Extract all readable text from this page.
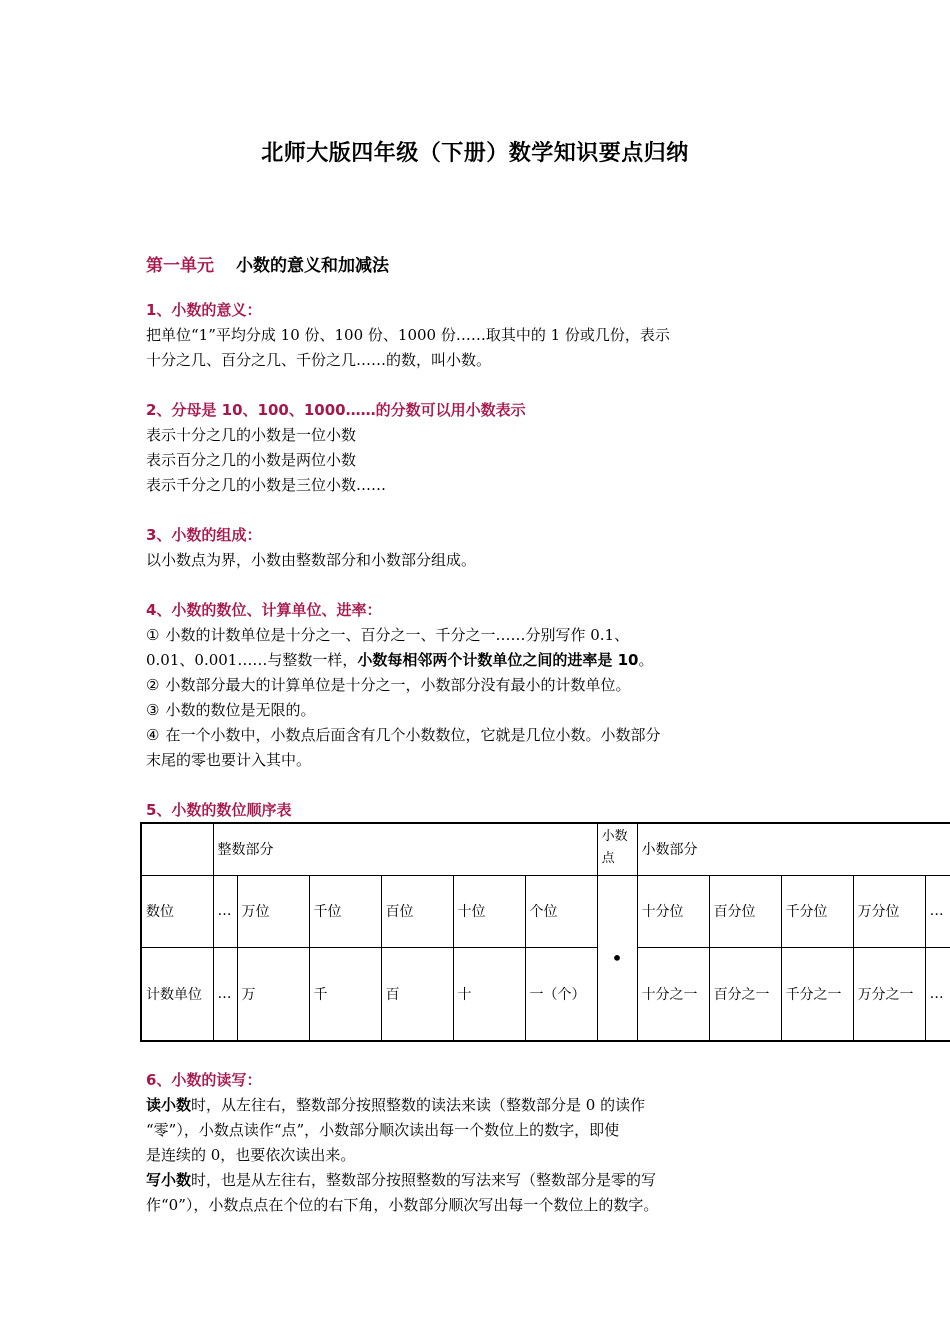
北师大版四年级（下册）数学知识要点归纳
第一单元 小数的意义和加减法
1、小数的意义：
把单位“1”平均分成 10 份、100 份、1000 份……取其中的 1 份或几份，表示
十分之几、百分之几、千份之几……的数，叫小数。
2、分母是 10、100、1000……的分数可以用小数表示
表示十分之几的小数是一位小数
表示百分之几的小数是两位小数
表示千分之几的小数是三位小数……
3、小数的组成：
以小数点为界，小数由整数部分和小数部分组成。
4、小数的数位、计算单位、进率：
① 小数的计数单位是十分之一、百分之一、千分之一……分别写作 0.1、
0.01、0.001……与整数一样，小数每相邻两个计数单位之间的进率是 10。
② 小数部分最大的计算单位是十分之一，小数部分没有最小的计数单位。
③ 小数的数位是无限的。
④ 在一个小数中，小数点后面含有几个小数数位，它就是几位小数。小数部分
末尾的零也要计入其中。
5、小数的数位顺序表
	整数部分						小数点	小数部分				
数位	…	万位	千位	百位	十位	个位	•	十分位	百分位	千分位	万分位	…
计数单位	…	万	千	百	十	一（个）		十分之一	百分之一	千分之一	万分之一	…
6、小数的读写：
读小数时，从左往右，整数部分按照整数的读法来读（整数部分是 0 的读作
“零”），小数点读作“点”，小数部分顺次读出每一个数位上的数字，即使
是连续的 0，也要依次读出来。
写小数时，也是从左往右，整数部分按照整数的写法来写（整数部分是零的写
作“0”），小数点点在个位的右下角，小数部分顺次写出每一个数位上的数字。
